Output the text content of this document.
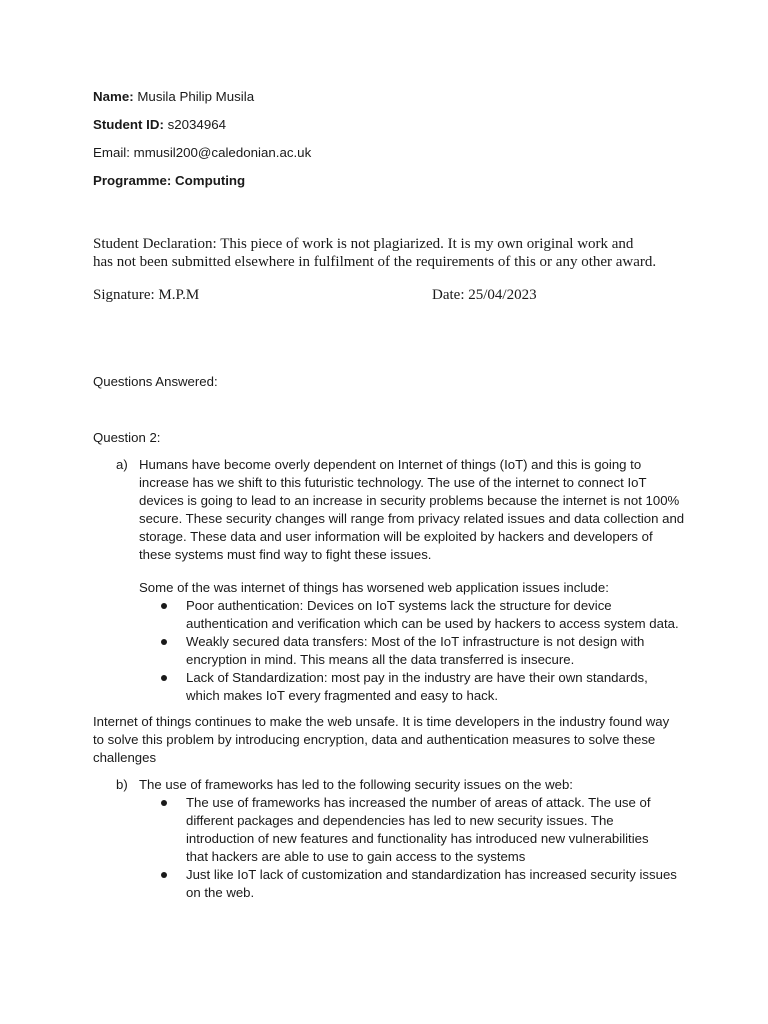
Name: Musila Philip Musila
Student ID: s2034964
Email: mmusil200@caledonian.ac.uk
Programme: Computing
Student Declaration: This piece of work is not plagiarized. It is my own original work and
has not been submitted elsewhere in fulfilment of the requirements of this or any other award.
Signature: M.P.M	Date: 25/04/2023
Questions Answered:
Question 2:
a) Humans have become overly dependent on Internet of things (IoT) and this is going to
increase has we shift to this futuristic technology. The use of the internet to connect IoT
devices is going to lead to an increase in security problems because the internet is not 100%
secure. These security changes will range from privacy related issues and data collection and
storage. These data and user information will be exploited by hackers and developers of
these systems must find way to fight these issues.
Some of the was internet of things has worsened web application issues include:
Poor authentication: Devices on IoT systems lack the structure for device
authentication and verification which can be used by hackers to access system data.
Weakly secured data transfers: Most of the IoT infrastructure is not design with
encryption in mind. This means all the data transferred is insecure.
Lack of Standardization: most pay in the industry are have their own standards,
which makes IoT every fragmented and easy to hack.
Internet of things continues to make the web unsafe. It is time developers in the industry found way
to solve this problem by introducing encryption, data and authentication measures to solve these
challenges
b) The use of frameworks has led to the following security issues on the web:
The use of frameworks has increased the number of areas of attack. The use of
different packages and dependencies has led to new security issues. The
introduction of new features and functionality has introduced new vulnerabilities
that hackers are able to use to gain access to the systems
Just like IoT lack of customization and standardization has increased security issues
on the web.
